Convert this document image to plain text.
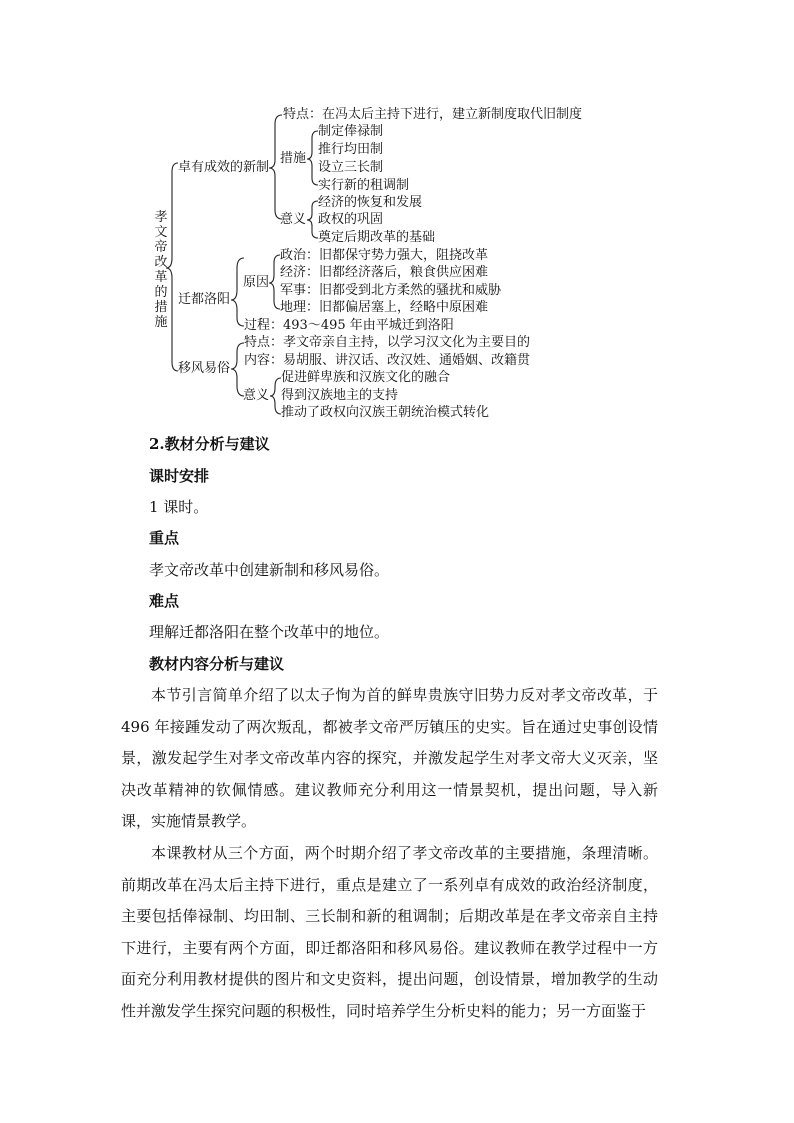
孝
文
帝
改
革
的
措
施
卓有成效的新制
特点：在冯太后主持下进行，建立新制度取代旧制度
措施
制定俸禄制
推行均田制
设立三长制
实行新的租调制
意义
经济的恢复和发展
政权的巩固
奠定后期改革的基础
迁都洛阳
原因
政治：旧都保守势力强大，阻挠改革
经济：旧都经济落后，粮食供应困难
军事：旧都受到北方柔然的骚扰和威胁
地理：旧都偏居塞上，经略中原困难
过程：493～495 年由平城迁到洛阳
移风易俗
特点：孝文帝亲自主持，以学习汉文化为主要目的
内容：易胡服、讲汉话、改汉姓、通婚姻、改籍贯
意义
促进鲜卑族和汉族文化的融合
得到汉族地主的支持
推动了政权向汉族王朝统治模式转化
2.教材分析与建议
课时安排
1 课时。
重点
孝文帝改革中创建新制和移风易俗。
难点
理解迁都洛阳在整个改革中的地位。
教材内容分析与建议
本节引言简单介绍了以太子恂为首的鲜卑贵族守旧势力反对孝文帝改革，于 496 年接踵发动了两次叛乱，都被孝文帝严厉镇压的史实。旨在通过史事创设情景，激发起学生对孝文帝改革内容的探究，并激发起学生对孝文帝大义灭亲，坚决改革精神的钦佩情感。建议教师充分利用这一情景契机，提出问题，导入新课，实施情景教学。
本课教材从三个方面，两个时期介绍了孝文帝改革的主要措施，条理清晰。前期改革在冯太后主持下进行，重点是建立了一系列卓有成效的政治经济制度，主要包括俸禄制、均田制、三长制和新的租调制；后期改革是在孝文帝亲自主持下进行，主要有两个方面，即迁都洛阳和移风易俗。建议教师在教学过程中一方面充分利用教材提供的图片和文史资料，提出问题，创设情景，增加教学的生动性并激发学生探究问题的积极性，同时培养学生分析史料的能力；另一方面鉴于
